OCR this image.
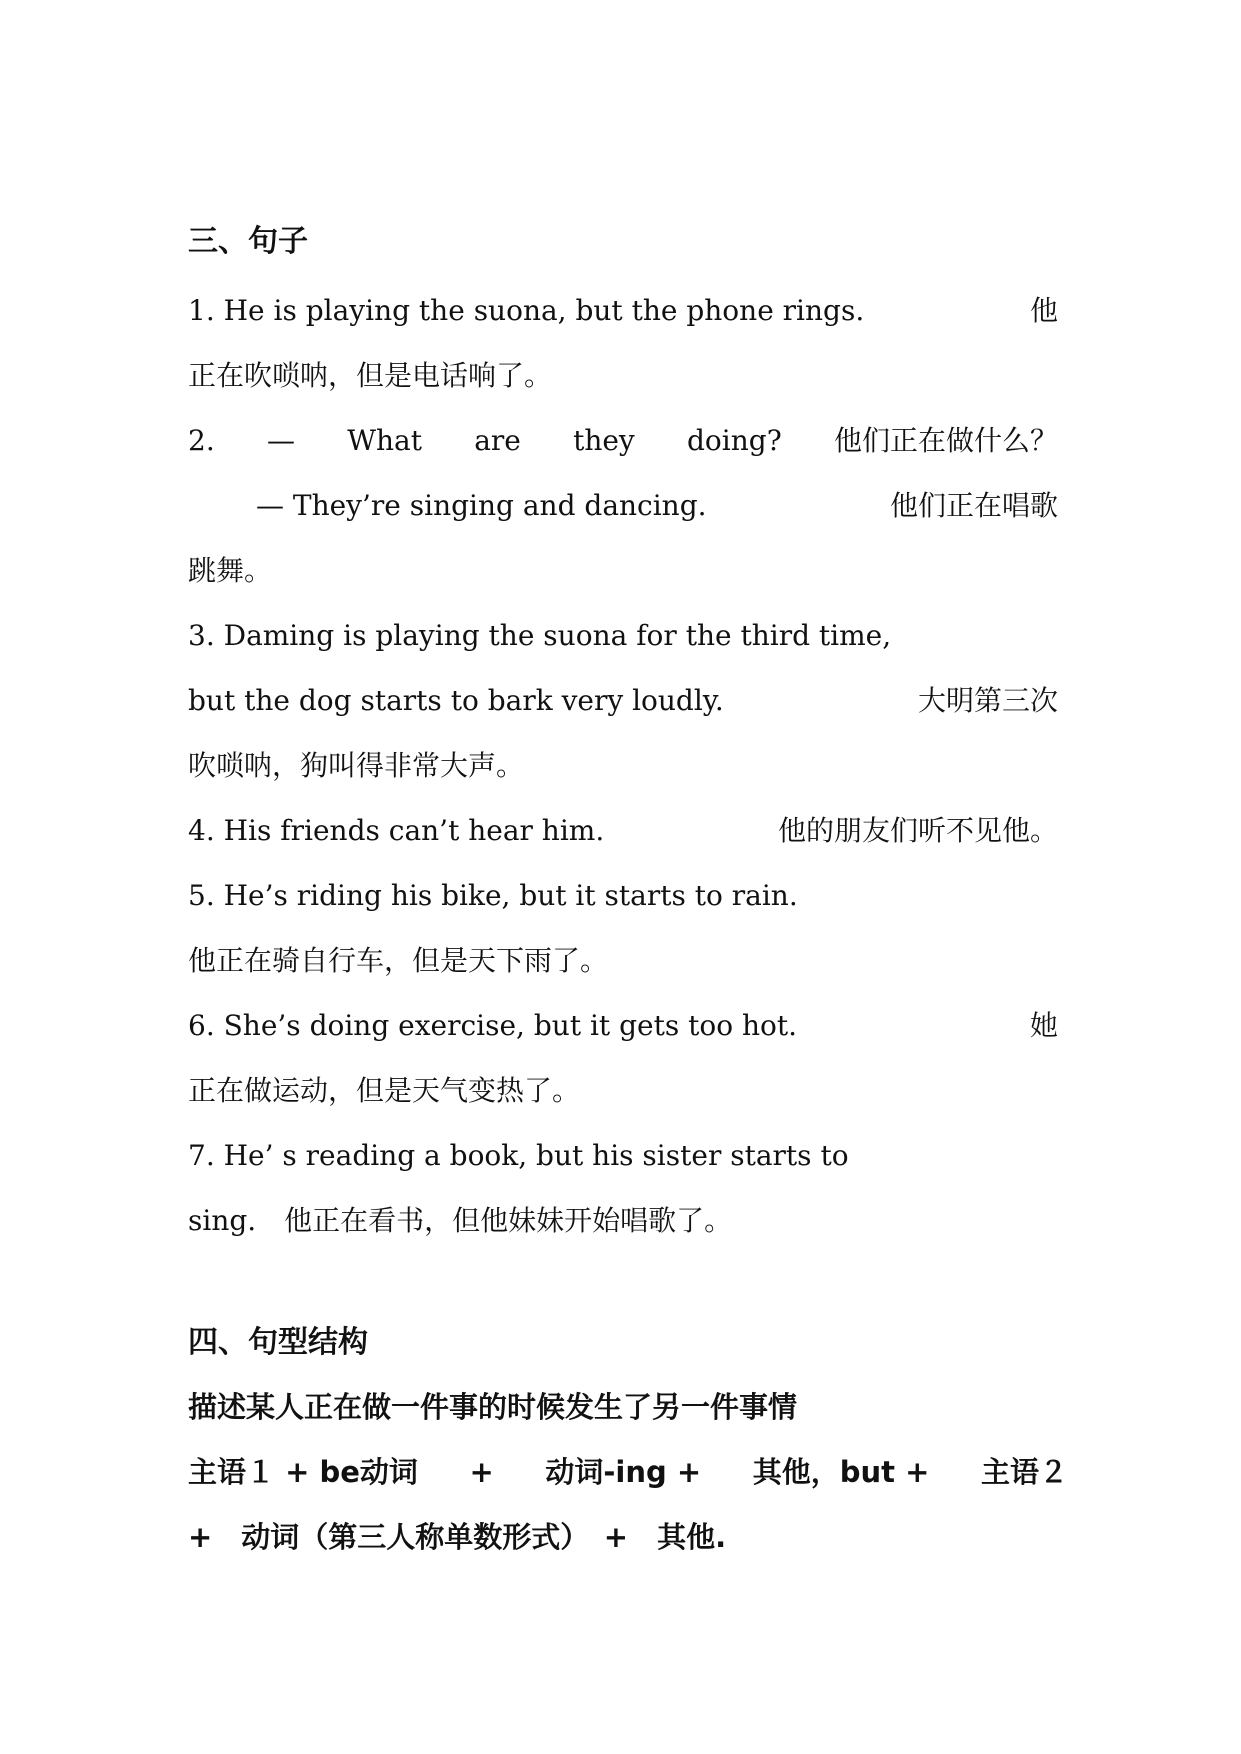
三、句子
1. He is playing the suona, but the phone rings.	他
正在吹唢呐，但是电话响了。
2. — What are they doing? 他们正在做什么？
— They’re singing and dancing.	他们正在唱歌
跳舞。
3. Daming is playing the suona for the third time,
but the dog starts to bark very loudly.	大明第三次
吹唢呐，狗叫得非常大声。
4. His friends can’t hear him.	他的朋友们听不见他。
5. He’s riding his bike, but it starts to rain.
他正在骑自行车，但是天下雨了。
6. She’s doing exercise, but it gets too hot.	她
正在做运动，但是天气变热了。
7. He’ s reading a book, but his sister starts to
sing.　他正在看书，但他妹妹开始唱歌了。
四、句型结构
描述某人正在做一件事的时候发生了另一件事情
主语１ + be动词 + 动词-ing + 其他，but + 主语２
+　动词（第三人称单数形式）　+　其他.
